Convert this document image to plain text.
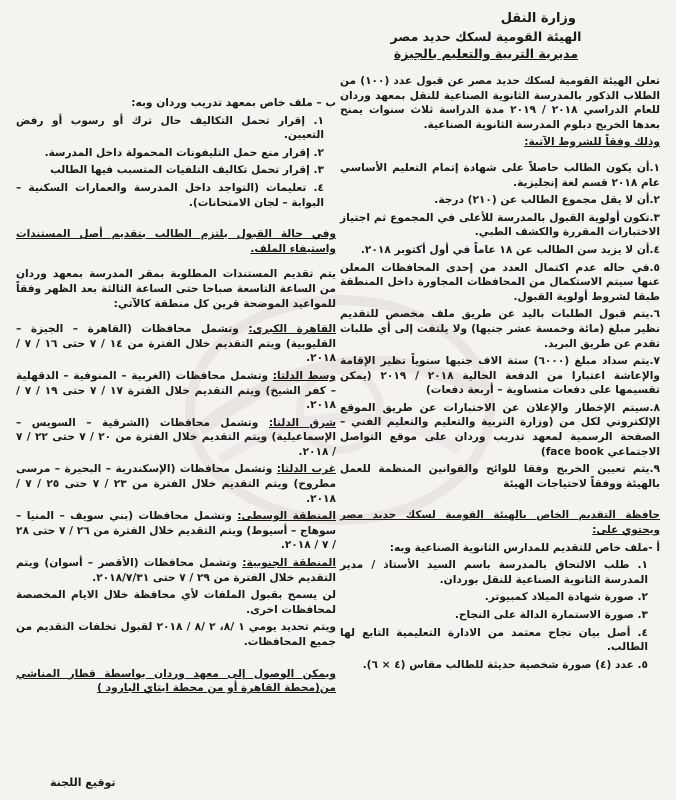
وزارة النقل
الهيئة القومية لسكك حديد مصر
مديرية التربية والتعليم بالجيزة

تعلن الهيئة القومية لسكك حديد مصر عن قبول عدد (١٠٠) من الطلاب الذكور بالمدرسة الثانوية الصناعية للنقل بمعهد وردان للعام الدراسي ٢٠١٨ / ٢٠١٩ مدة الدراسة ثلاث سنوات يمنح بعدها الخريج دبلوم المدرسة الثانوية الصناعية.

وذلك وفقاً للشروط الآتية:

١.أن يكون الطالب حاصلاً على شهادة إتمام التعليم الأساسي عام ٢٠١٨ قسم لغة إنجليزية.

٢.أن لا يقل مجموع الطالب عن (٢١٠) درجة.

٣.تكون أولوية القبول بالمدرسة للأعلى في المجموع ثم اجتياز الاختبارات المقررة والكشف الطبي.

٤.أن لا يزيد سن الطالب عن ١٨ عاماً في أول أكتوبر ٢٠١٨.

٥.في حاله عدم اكتمال العدد من إحدى المحافظات المعلن عنها سيتم الاستكمال من المحافظات المجاورة داخل المنطقة طبقا لشروط أولوية القبول.

٦.يتم قبول الطلبات باليد عن طريق ملف مخصص للتقديم نظير مبلغ (مائة وخمسة عشر جنيها) ولا يلتفت إلى أي طلبات تقدم عن طريق البريد.

٧.يتم سداد مبلغ (٦٠٠٠) ستة الاف جنيها سنوياً نظير الإقامة والإعاشة اعتبارا من الدفعة الحالية ٢٠١٨ / ٢٠١٩ (يمكن تقسيمها على دفعات متساوية – أربعة دفعات)

٨.سيتم الإخطار والإعلان عن الاختبارات عن طريق الموقع الإلكتروني لكل من (وزارة التربية والتعليم والتعليم الفني – الصفحة الرسمية لمعهد تدريب وردان على موقع التواصل الاجتماعي face book)

٩.يتم تعيين الخريج وفقا للوائح والقوانين المنظمة للعمل بالهيئة ووفقاً لاحتياجات الهيئة

حافظة التقديم الخاص بالهيئة القومية لسكك حديد مصر ويحتوي على:

أ -ملف خاص للتقديم للمدارس الثانوية الصناعية وبه:

١. طلب الالتحاق بالمدرسة باسم السيد الأستاذ / مدير المدرسة الثانوية الصناعية للنقل بوردان.

٢. صورة شهادة الميلاد كمبيوتر.

٣. صورة الاستمارة الدالة على النجاح.

٤. أصل بيان نجاح معتمد من الادارة التعليمية التابع لها الطالب.

٥. عدد (٤) صورة شخصية حديثة للطالب مقاس (٤ × ٦).

ب – ملف خاص بمعهد تدريب وردان وبه:

١. إقرار تحمل التكاليف حال ترك أو رسوب أو رفض التعيين.

٢. إقرار منع حمل التليفونات المحمولة داخل المدرسة.

٣. إقرار تحمل تكاليف التلفيات المتسبب فيها الطالب

٤. تعليمات (التواجد داخل المدرسة والعمارات السكنية – البوابة – لجان الامتحانات).

وفي حالة القبول يلتزم الطالب بتقديم أصل المستندات واستيفاء الملف.

يتم تقديم المستندات المطلوبة بمقر المدرسة بمعهد وردان من الساعة التاسعة صباحا حتى الساعة الثالثة بعد الظهر وفقاً للمواعيد الموضحة قرين كل منطقة كالآتي:

القاهرة الكبرى: وتشمل محافظات (القاهرة – الجيزة – القليوبية) ويتم التقديم خلال الفترة من ١٤ / ٧ حتى ١٦ / ٧ / ٢٠١٨.

وسط الدلتا: وتشمل محافظات (الغربية – المنوفية – الدقهلية – كفر الشيخ) ويتم التقديم خلال الفترة ١٧ / ٧ حتى ١٩ / ٧ / ٢٠١٨.

شرق الدلتا: وتشمل محافظات (الشرقية – السويس – الإسماعيلية) ويتم التقديم خلال الفترة من ٢٠ / ٧ حتى ٢٢ / ٧ / ٢٠١٨.

غرب الدلتا: وتشمل محافظات (الإسكندرية – البحيرة – مرسى مطروح) ويتم التقديم خلال الفترة من ٢٣ / ٧ حتى ٢٥ / ٧ / ٢٠١٨.

المنطقة الوسطى: وتشمل محافظات (بني سويف – المنيا – سوهاج – أسيوط) ويتم التقديم خلال الفترة من ٢٦ / ٧ حتى ٢٨ / ٧ / ٢٠١٨.

المنطقة الجنوبية: وتشمل محافظات (الأقصر – أسوان) ويتم التقديم خلال الفترة من ٢٩ / ٧ حتى ٢٠١٨/٧/٣١.

لن يسمح بقبول الملفات لأي محافظة خلال الايام المخصصة لمحافظات اخرى.

ويتم تحديد يومي ١ /٨، ٢ /٨ / ٢٠١٨ لقبول تخلفات التقديم من جميع المحافظات.

ويمكن الوصول إلى معهد وردان بواسطة قطار المناشي من(محطة القاهرة أو من محطة ايتاي البارود )

توقيع اللجنة
